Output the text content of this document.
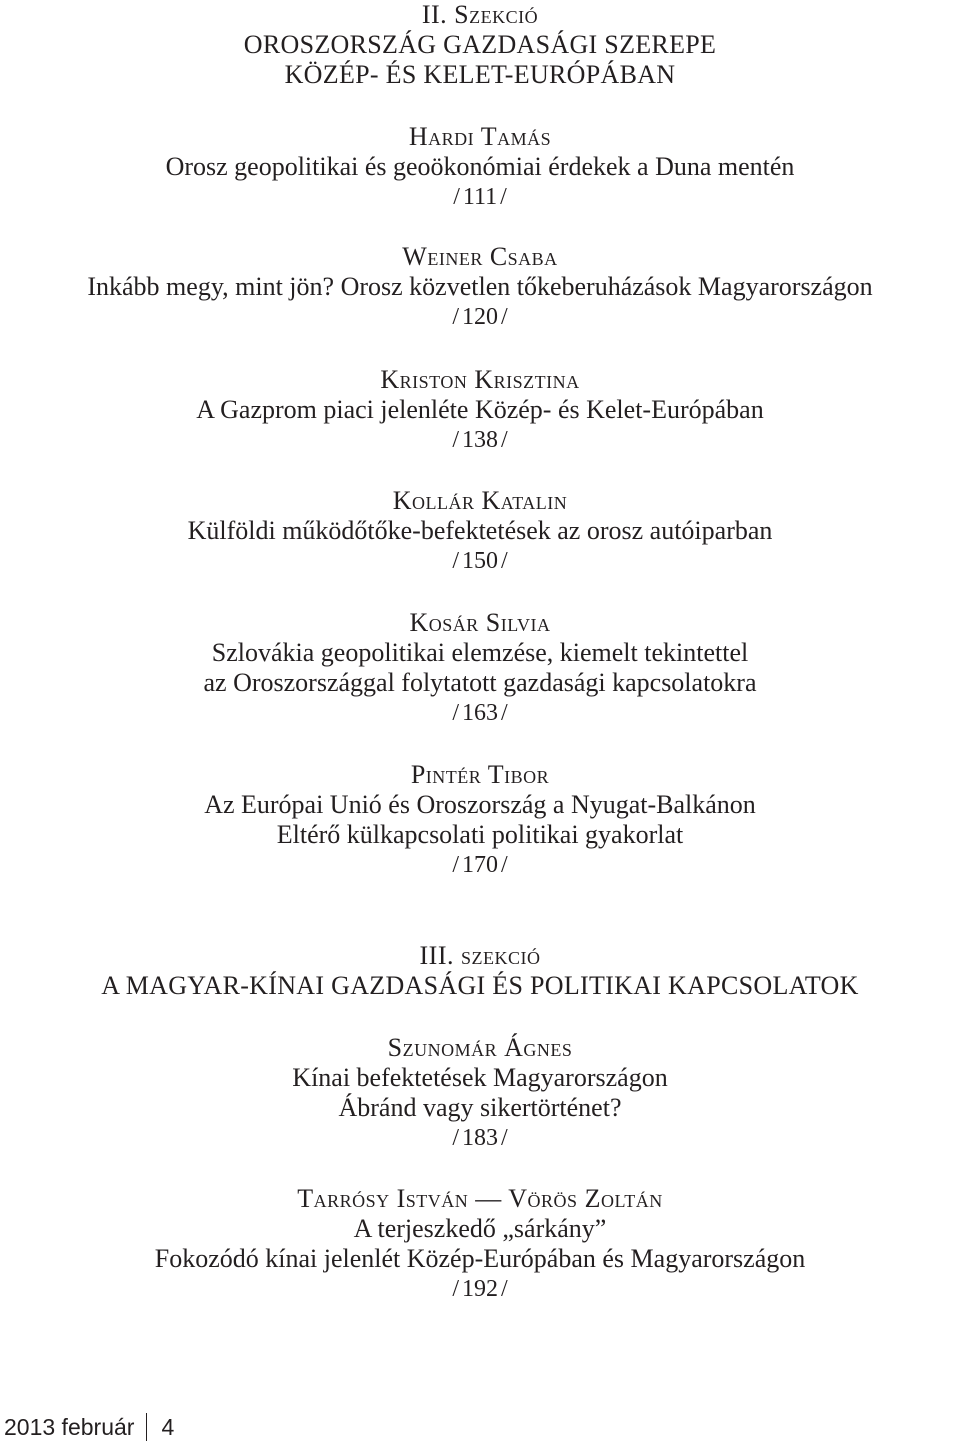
II. Szekció
OROSZORSZÁG GAZDASÁGI SZEREPE
KÖZÉP- ÉS KELET-EURÓPÁBAN
Hardi Tamás
Orosz geopolitikai és geoökonómiai érdekek a Duna mentén
/ 111 /
Weiner Csaba
Inkább megy, mint jön? Orosz közvetlen tőkeberuházások Magyarországon
/ 120 /
Kriston Krisztina
A Gazprom piaci jelenléte Közép- és Kelet-Európában
/ 138 /
Kollár Katalin
Külföldi működőtőke-befektetések az orosz autóiparban
/ 150 /
Kosár Silvia
Szlovákia geopolitikai elemzése, kiemelt tekintettel
az Oroszországgal folytatott gazdasági kapcsolatokra
/ 163 /
Pintér Tibor
Az Európai Unió és Oroszország a Nyugat-Balkánon
Eltérő külkapcsolati politikai gyakorlat
/ 170 /
III. szekció
A MAGYAR-KÍNAI GAZDASÁGI ÉS POLITIKAI KAPCSOLATOK
Szunomár Ágnes
Kínai befektetések Magyarországon
Ábránd vagy sikertörténet?
/ 183 /
Tarrósy István — Vörös Zoltán
A terjeszkedő „sárkány”
Fokozódó kínai jelenlét Közép-Európában és Magyarországon
/ 192 /
2013 február 4
